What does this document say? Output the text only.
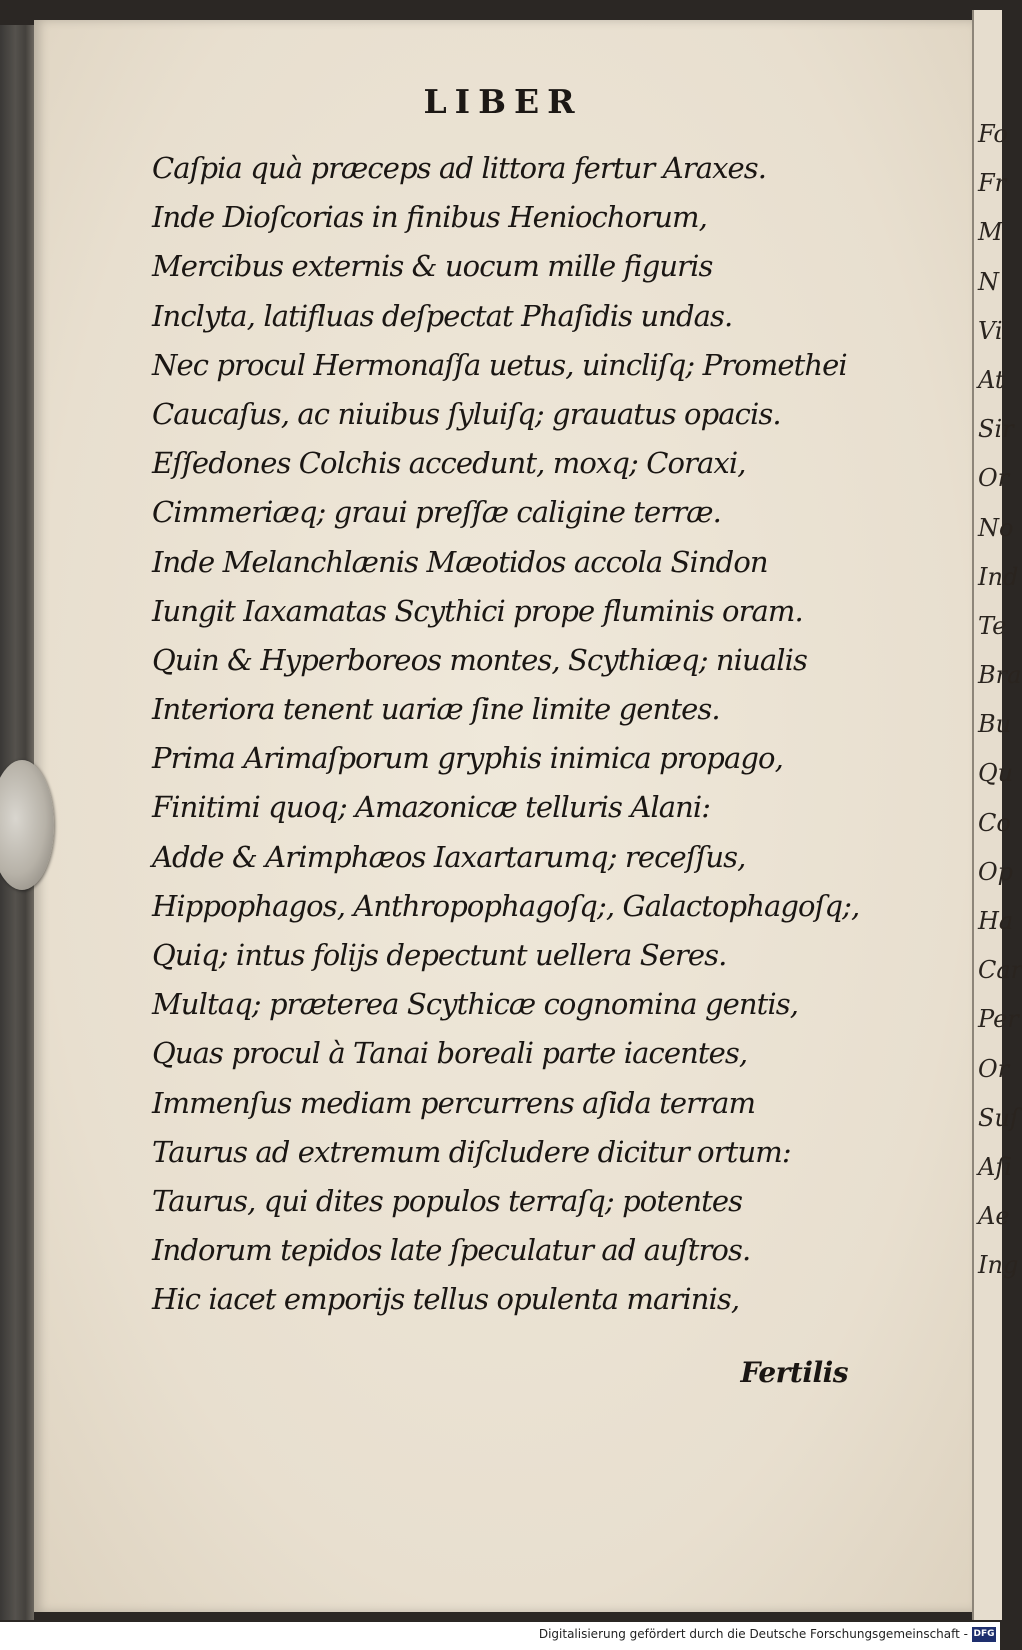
LIBER
Caſpia quà præceps ad littora fertur Araxes.
Inde Dioſcorias in finibus Heniochorum,
Mercibus externis & uocum mille figuris
Inclyta, latifluas deſpectat Phaſidis undas.
Nec procul Hermonaſſa uetus, uincliſq; Promethei
Caucaſus, ac niuibus ſyluiſq; grauatus opacis.
Eſſedones Colchis accedunt, moxq; Coraxi,
Cimmeriæq; graui preſſæ caligine terræ.
Inde Melanchlænis Mæotidos accola Sindon
Iungit Iaxamatas Scythici prope fluminis oram.
Quin & Hyperboreos montes, Scythiæq; niualis
Interiora tenent uariæ ſine limite gentes.
Prima Arimaſporum gryphis inimica propago,
Finitimi quoq; Amazonicæ telluris Alani:
Adde & Arimphæos Iaxartarumq; receſſus,
Hippophagos, Anthropophagoſq;, Galactophagoſq;,
Quiq; intus folijs depectunt uellera Seres.
Multaq; præterea Scythicæ cognomina gentis,
Quas procul à Tanai boreali parte iacentes,
Immenſus mediam percurrens aſida terram
Taurus ad extremum diſcludere dicitur ortum:
Taurus, qui dites populos terraſq; potentes
Indorum tepidos late ſpeculatur ad auſtros.
Hic iacet emporijs tellus opulenta marinis,
Fertilis
Fo
Fr
M
N
Vi
At
Sir
Or
No
Ind
Te
Bra
Bu
Qu
Co
Op
Ha
Car
Per
Or
Suſ
Aſi
Ae
Ing
Digitalisierung gefördert durch die Deutsche Forschungsgemeinschaft - DFG
